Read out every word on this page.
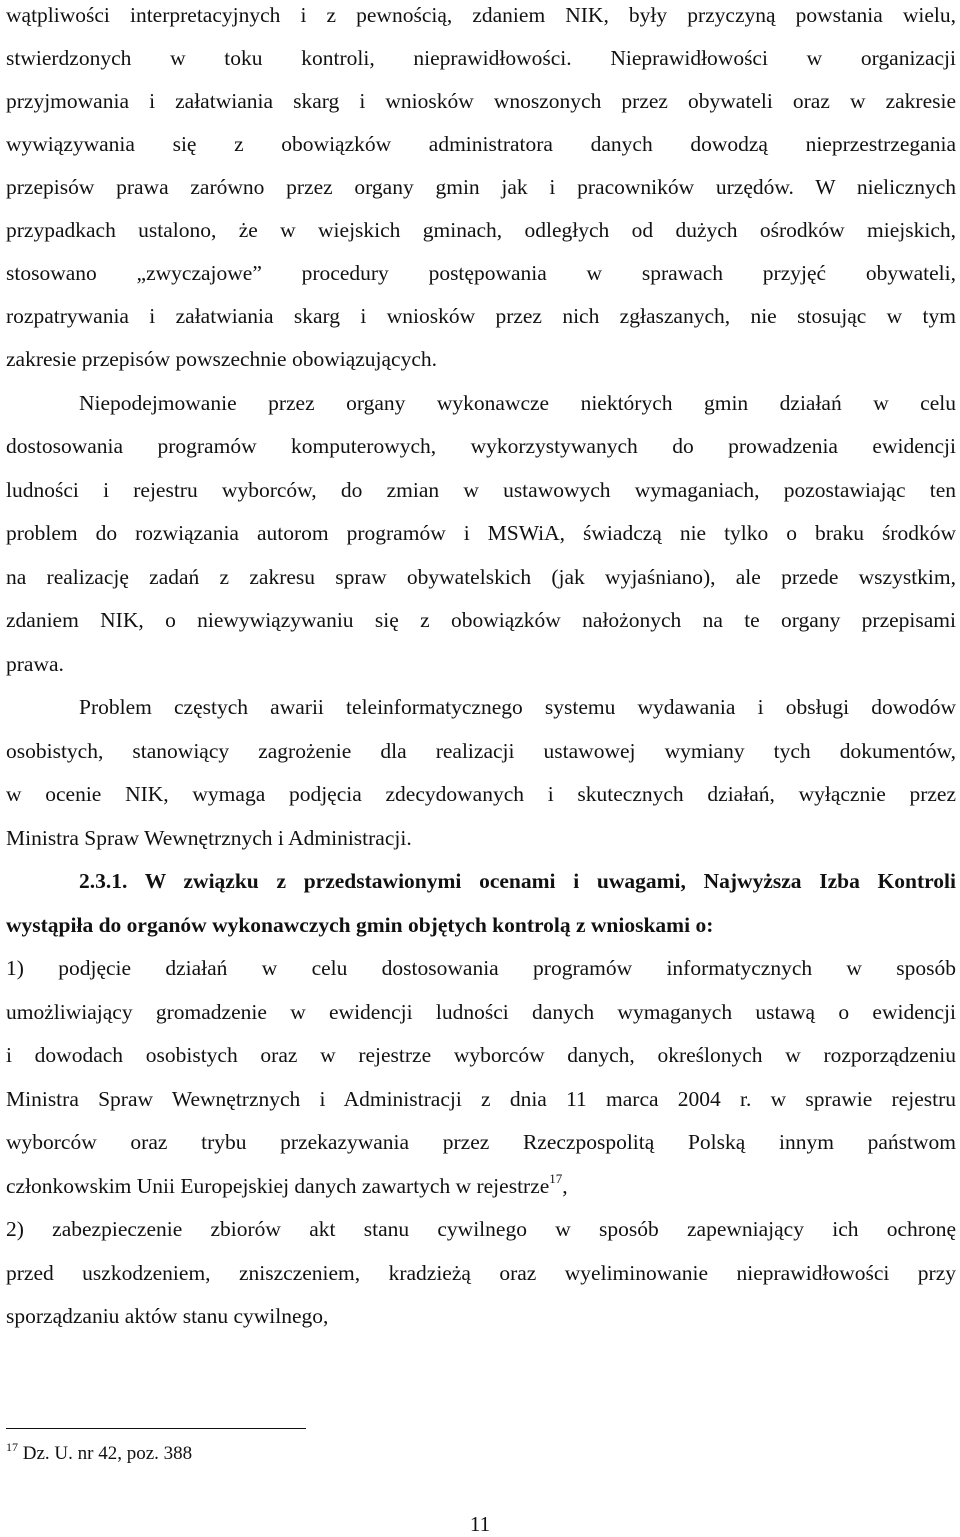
wątpliwości interpretacyjnych i z pewnością, zdaniem NIK, były przyczyną powstania wielu,
stwierdzonych w toku kontroli, nieprawidłowości. Nieprawidłowości w organizacji
przyjmowania i załatwiania skarg i wniosków wnoszonych przez obywateli oraz w zakresie
wywiązywania się z obowiązków administratora danych dowodzą nieprzestrzegania
przepisów prawa zarówno przez organy gmin jak i pracowników urzędów. W nielicznych
przypadkach ustalono, że w wiejskich gminach, odległych od dużych ośrodków miejskich,
stosowano „zwyczajowe” procedury postępowania w sprawach przyjęć obywateli,
rozpatrywania i załatwiania skarg i wniosków przez nich zgłaszanych, nie stosując w tym
zakresie przepisów powszechnie obowiązujących.
Niepodejmowanie przez organy wykonawcze niektórych gmin działań w celu
dostosowania programów komputerowych, wykorzystywanych do prowadzenia ewidencji
ludności i rejestru wyborców, do zmian w ustawowych wymaganiach, pozostawiając ten
problem do rozwiązania autorom programów i MSWiA, świadczą nie tylko o braku środków
na realizację zadań z zakresu spraw obywatelskich (jak wyjaśniano), ale przede wszystkim,
zdaniem NIK, o niewywiązywaniu się z obowiązków nałożonych na te organy przepisami
prawa.
Problem częstych awarii teleinformatycznego systemu wydawania i obsługi dowodów
osobistych, stanowiący zagrożenie dla realizacji ustawowej wymiany tych dokumentów,
w ocenie NIK, wymaga podjęcia zdecydowanych i skutecznych działań, wyłącznie przez
Ministra Spraw Wewnętrznych i Administracji.
2.3.1. W związku z przedstawionymi ocenami i uwagami, Najwyższa Izba Kontroli
wystąpiła do organów wykonawczych gmin objętych kontrolą z wnioskami o:
1) podjęcie działań w celu dostosowania programów informatycznych w sposób
umożliwiający gromadzenie w ewidencji ludności danych wymaganych ustawą o ewidencji
i dowodach osobistych oraz w rejestrze wyborców danych, określonych w rozporządzeniu
Ministra Spraw Wewnętrznych i Administracji z dnia 11 marca 2004 r. w sprawie rejestru
wyborców oraz trybu przekazywania przez Rzeczpospolitą Polską innym państwom
członkowskim Unii Europejskiej danych zawartych w rejestrze$^{17}$,
2) zabezpieczenie zbiorów akt stanu cywilnego w sposób zapewniający ich ochronę
przed uszkodzeniem, zniszczeniem, kradzieżą oraz wyeliminowanie nieprawidłowości przy
sporządzaniu aktów stanu cywilnego,
$^{17}$ Dz. U. nr 42, poz. 388
11
